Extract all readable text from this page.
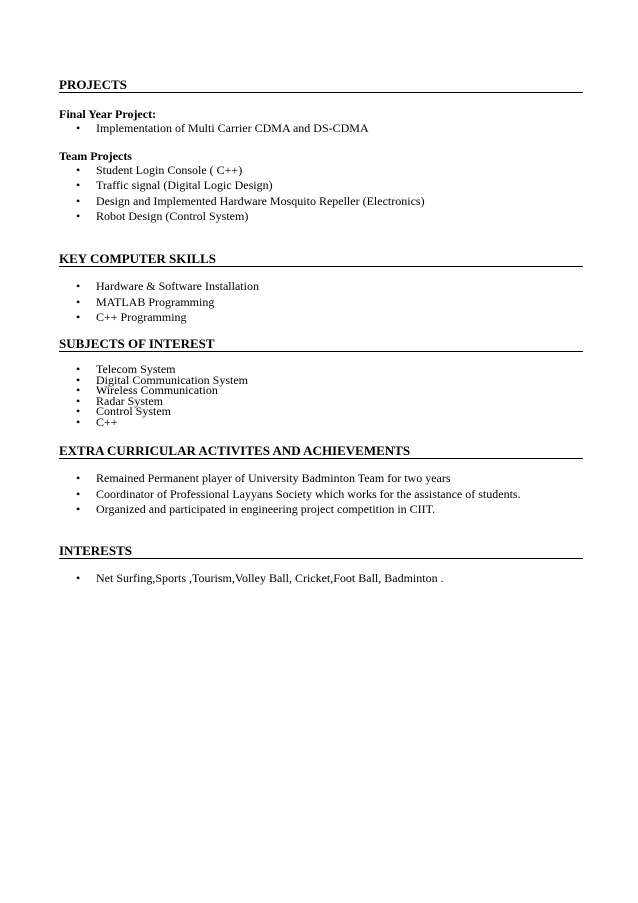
PROJECTS
Final Year Project:
• Implementation of Multi Carrier CDMA and DS-CDMA
Team Projects
• Student Login Console ( C++)
• Traffic signal (Digital Logic Design)
• Design and Implemented Hardware Mosquito Repeller (Electronics)
• Robot Design (Control System)
KEY COMPUTER SKILLS
• Hardware & Software Installation
• MATLAB Programming
• C++ Programming
SUBJECTS OF INTEREST
• Telecom System
• Digital Communication System
• Wireless Communication
• Radar System
• Control System
• C++
EXTRA CURRICULAR ACTIVITES AND ACHIEVEMENTS
• Remained Permanent player of University Badminton Team for two years
• Coordinator of Professional Layyans Society which works for the assistance of students.
• Organized and participated in engineering project competition in CIIT.
INTERESTS
• Net Surfing,Sports ,Tourism,Volley Ball, Cricket,Foot Ball, Badminton .
